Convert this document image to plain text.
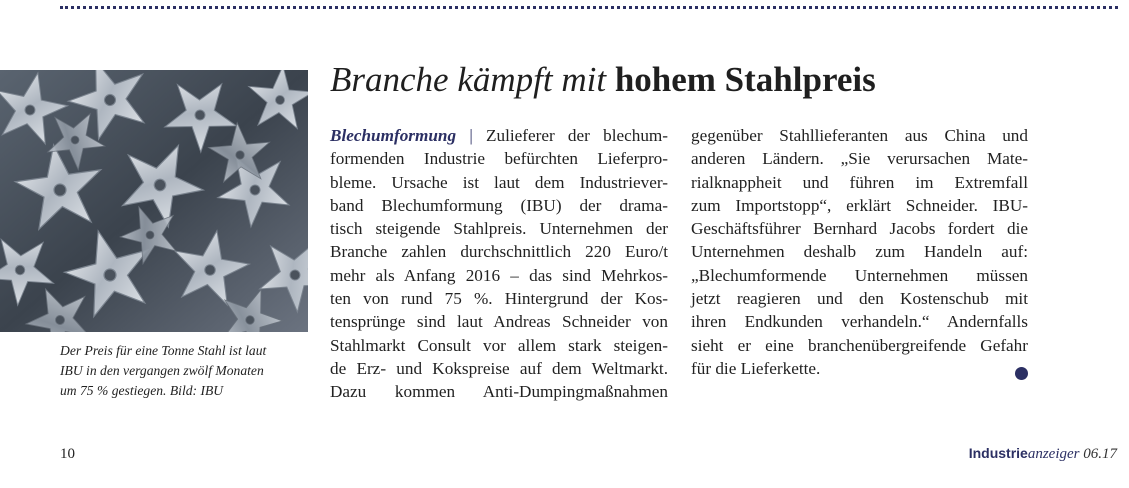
Der Preis für eine Tonne Stahl ist laut
IBU in den vergangen zwölf Monaten
um 75 % gestiegen. Bild: IBU
Branche kämpft mit hohem Stahlpreis
Blechumformung | Zulieferer der blechum-
formenden Industrie befürchten Lieferpro-
bleme. Ursache ist laut dem Industriever-
band Blechumformung (IBU) der drama-
tisch steigende Stahlpreis. Unternehmen der
Branche zahlen durchschnittlich 220 Euro/t
mehr als Anfang 2016 – das sind Mehrkos-
ten von rund 75 %. Hintergrund der Kos-
tensprünge sind laut Andreas Schneider von
Stahlmarkt Consult vor allem stark steigen-
de Erz- und Kokspreise auf dem Weltmarkt.
Dazu kommen Anti-Dumpingmaßnahmen
gegenüber Stahllieferanten aus China und
anderen Ländern. „Sie verursachen Mate-
rialknappheit und führen im Extremfall
zum Importstopp“, erklärt Schneider. IBU-
Geschäftsführer Bernhard Jacobs fordert die
Unternehmen deshalb zum Handeln auf:
„Blechumformende Unternehmen müssen
jetzt reagieren und den Kostenschub mit
ihren Endkunden verhandeln.“ Andernfalls
sieht er eine branchenübergreifende Gefahr
für die Lieferkette.
10	Industrieanzeiger 06.17
